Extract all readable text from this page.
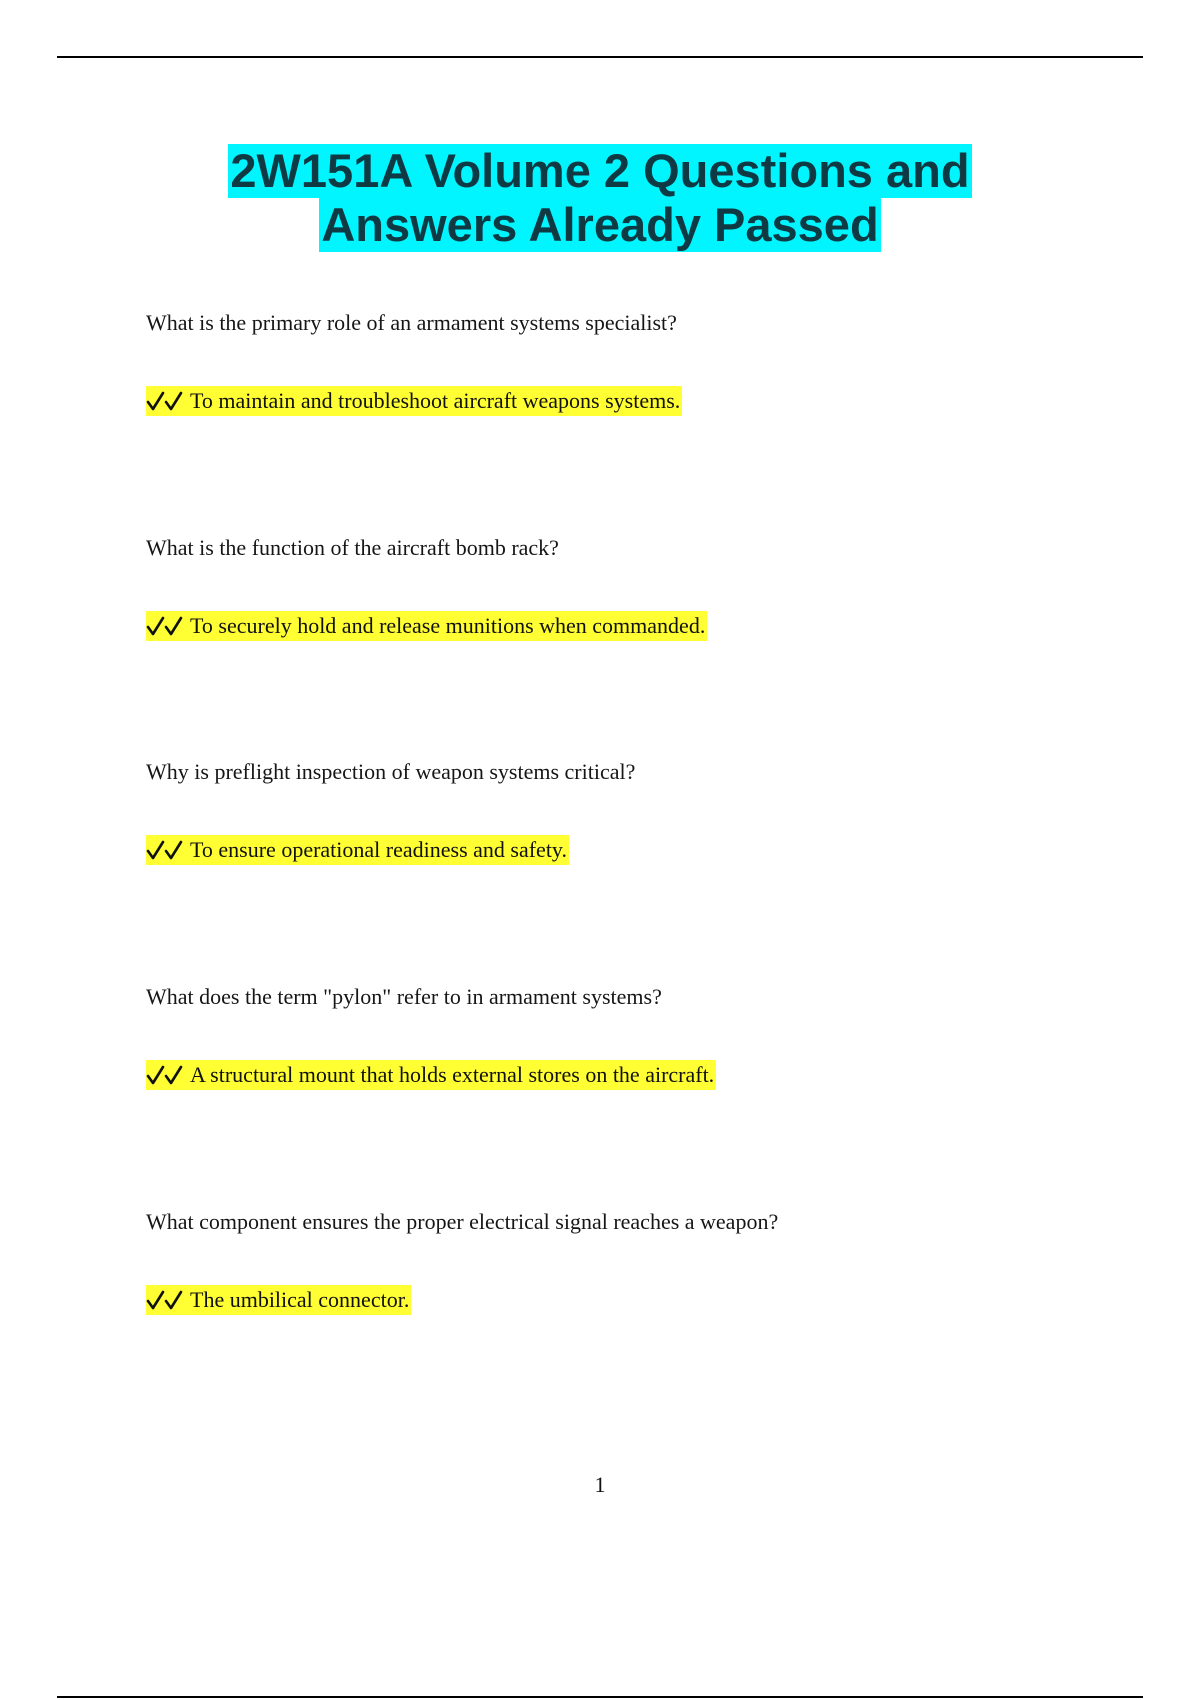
2W151A Volume 2 Questions and
Answers Already Passed
What is the primary role of an armament systems specialist?
To maintain and troubleshoot aircraft weapons systems.
What is the function of the aircraft bomb rack?
To securely hold and release munitions when commanded.
Why is preflight inspection of weapon systems critical?
To ensure operational readiness and safety.
What does the term "pylon" refer to in armament systems?
A structural mount that holds external stores on the aircraft.
What component ensures the proper electrical signal reaches a weapon?
The umbilical connector.
1
